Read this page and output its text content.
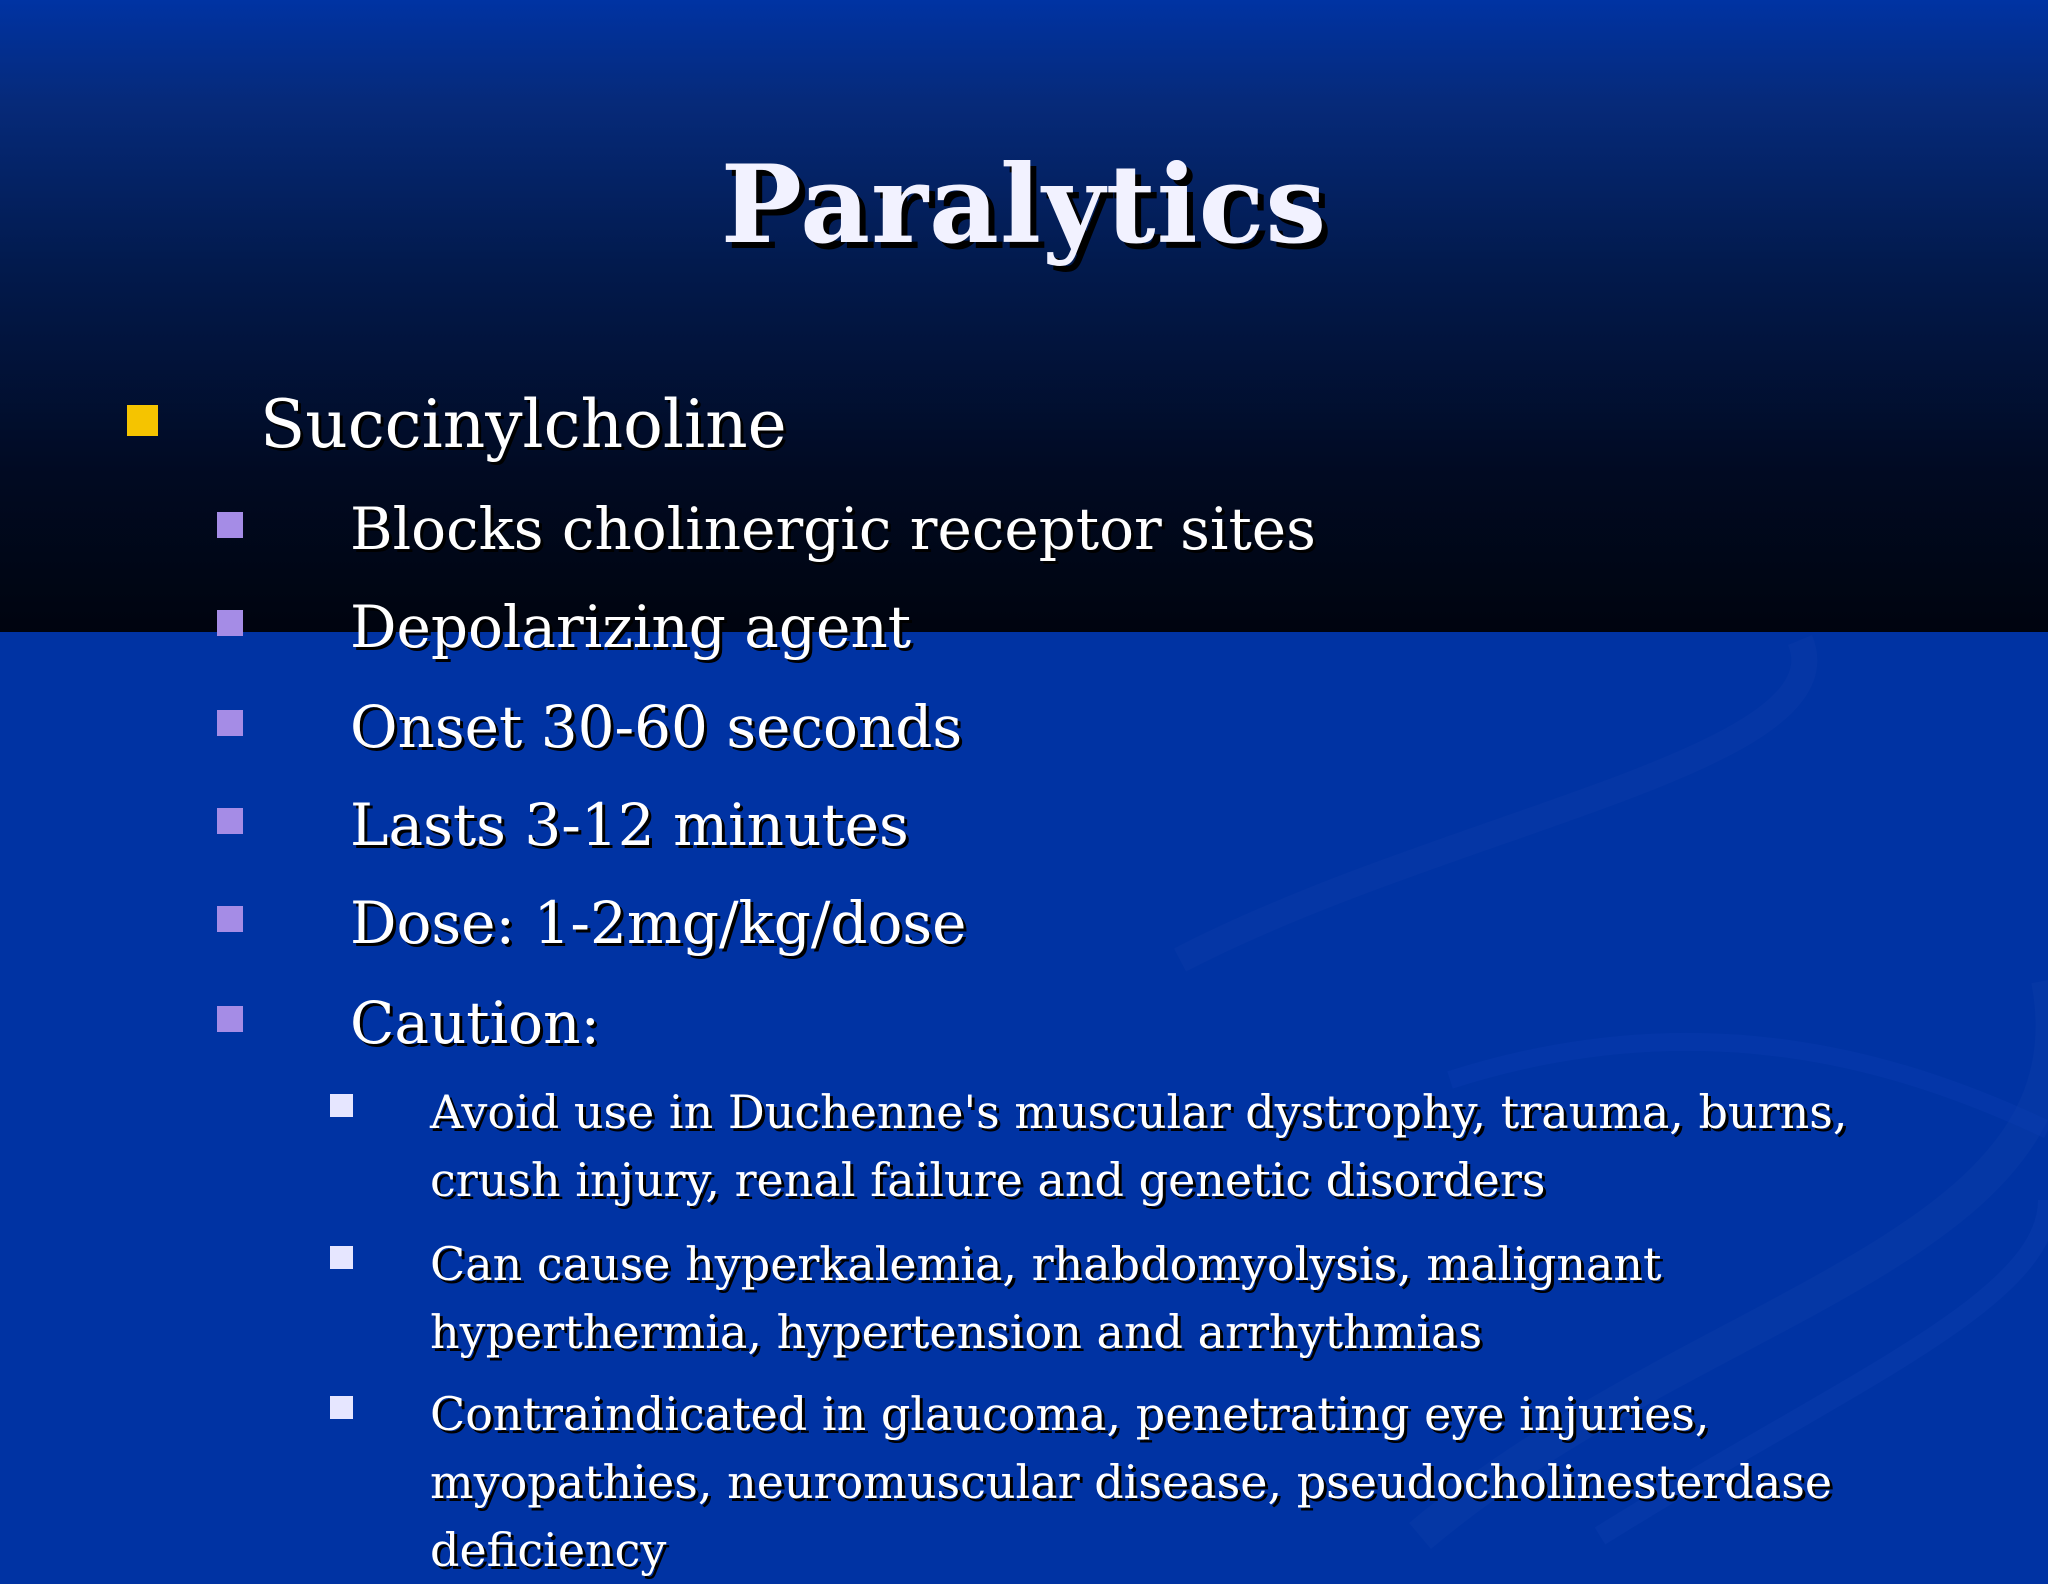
Paralytics
Succinylcholine
Blocks cholinergic receptor sites
Depolarizing agent
Onset 30-60 seconds
Lasts 3-12 minutes
Dose: 1-2mg/kg/dose
Caution:
Avoid use in Duchenne's muscular dystrophy, trauma, burns, crush injury, renal failure and genetic disorders
Can cause hyperkalemia, rhabdomyolysis, malignant hyperthermia, hypertension and arrhythmias
Contraindicated in glaucoma, penetrating eye injuries, myopathies, neuromuscular disease, pseudocholinesterdase deficiency
